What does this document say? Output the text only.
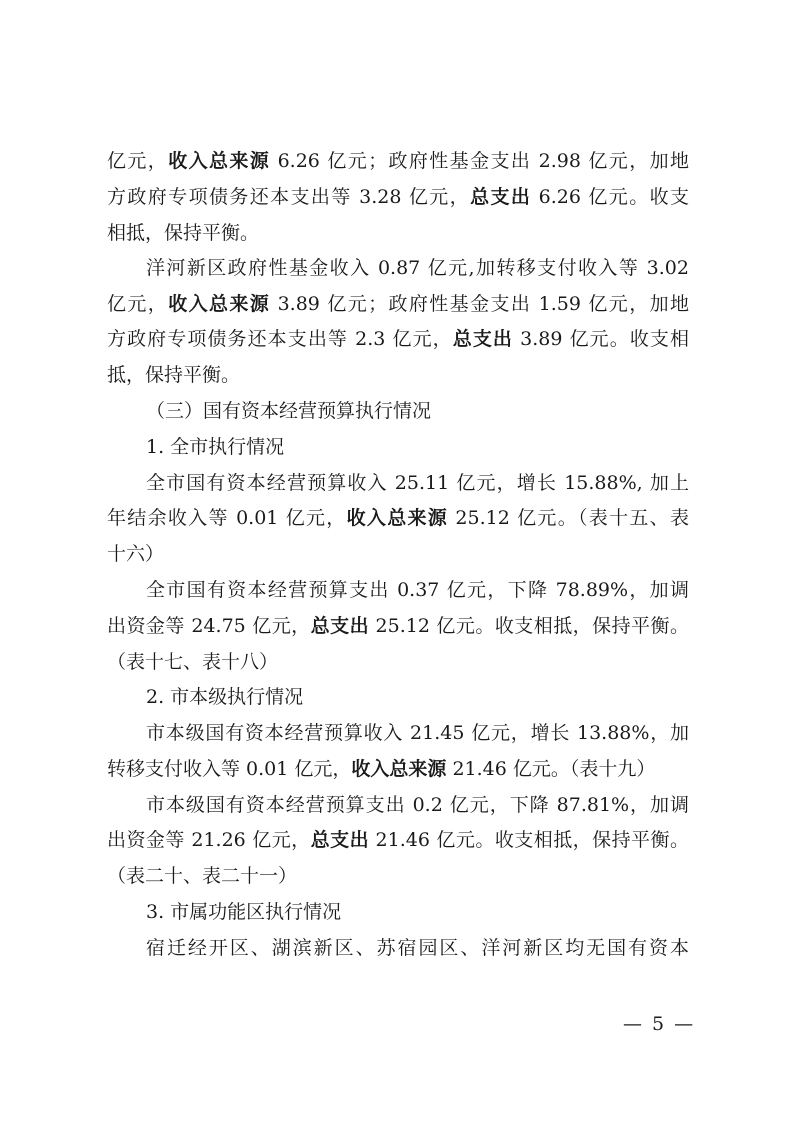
亿元，收入总来源 6.26 亿元；政府性基金支出 2.98 亿元，加地
方政府专项债务还本支出等 3.28 亿元，总支出 6.26 亿元。收支
相抵，保持平衡。
洋河新区政府性基金收入 0.87 亿元,加转移支付收入等 3.02
亿元，收入总来源 3.89 亿元；政府性基金支出 1.59 亿元，加地
方政府专项债务还本支出等 2.3 亿元，总支出 3.89 亿元。收支相
抵，保持平衡。
（三）国有资本经营预算执行情况
1. 全市执行情况
全市国有资本经营预算收入 25.11 亿元，增长 15.88%, 加上
年结余收入等 0.01 亿元，收入总来源 25.12 亿元。（表十五、表
十六）
全市国有资本经营预算支出 0.37 亿元，下降 78.89%，加调
出资金等 24.75 亿元，总支出 25.12 亿元。收支相抵，保持平衡。
（表十七、表十八）
2. 市本级执行情况
市本级国有资本经营预算收入 21.45 亿元，增长 13.88%，加
转移支付收入等 0.01 亿元，收入总来源 21.46 亿元。（表十九）
市本级国有资本经营预算支出 0.2 亿元，下降 87.81%，加调
出资金等 21.26 亿元，总支出 21.46 亿元。收支相抵，保持平衡。
（表二十、表二十一）
3. 市属功能区执行情况
宿迁经开区、湖滨新区、苏宿园区、洋河新区均无国有资本
— 5 —
